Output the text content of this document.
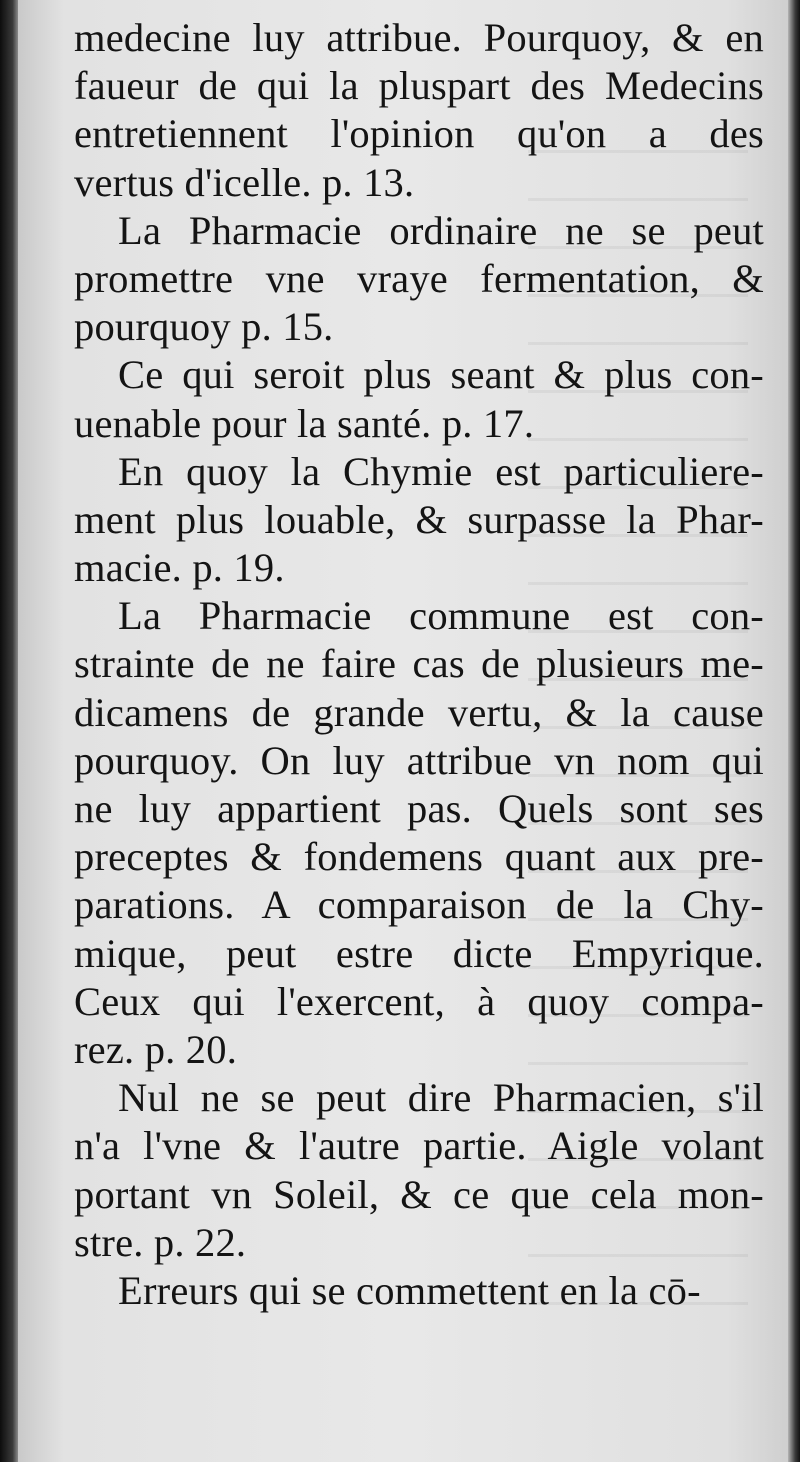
medecine luy attribue. Pourquoy, & en
faueur de qui la pluspart des Medecins
entretiennent l'opinion qu'on a des
vertus d'icelle. p. 13.
La Pharmacie ordinaire ne se peut
promettre vne vraye fermentation, &
pourquoy p. 15.
Ce qui seroit plus seant & plus con-
uenable pour la santé. p. 17.
En quoy la Chymie est particuliere-
ment plus louable, & surpasse la Phar-
macie. p. 19.
La Pharmacie commune est con-
strainte de ne faire cas de plusieurs me-
dicamens de grande vertu, & la cause
pourquoy. On luy attribue vn nom qui
ne luy appartient pas. Quels sont ses
preceptes & fondemens quant aux pre-
parations. A comparaison de la Chy-
mique, peut estre dicte Empyrique.
Ceux qui l'exercent, à quoy compa-
rez. p. 20.
Nul ne se peut dire Pharmacien, s'il
n'a l'vne & l'autre partie. Aigle volant
portant vn Soleil, & ce que cela mon-
stre. p. 22.
Erreurs qui se commettent en la cō-
